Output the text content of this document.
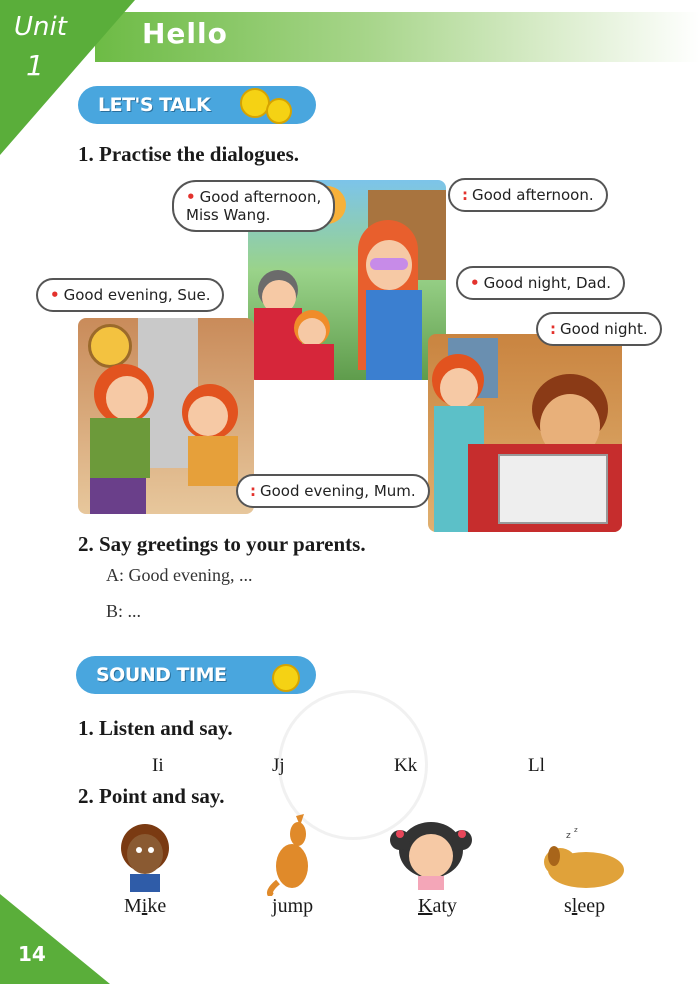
Unit
1
Hello
LET'S TALK
1. Practise the dialogues.
• Good afternoon,
Miss Wang.
: Good afternoon.
• Good evening, Sue.
• Good night, Dad.
: Good night.
: Good evening, Mum.
2. Say greetings to your parents.
A: Good evening, ...
B: ...
SOUND TIME
1. Listen and say.
Ii	Jj	Kk	Ll
2. Point and say.
z
z
Mike	jump	Katy	sleep
14
